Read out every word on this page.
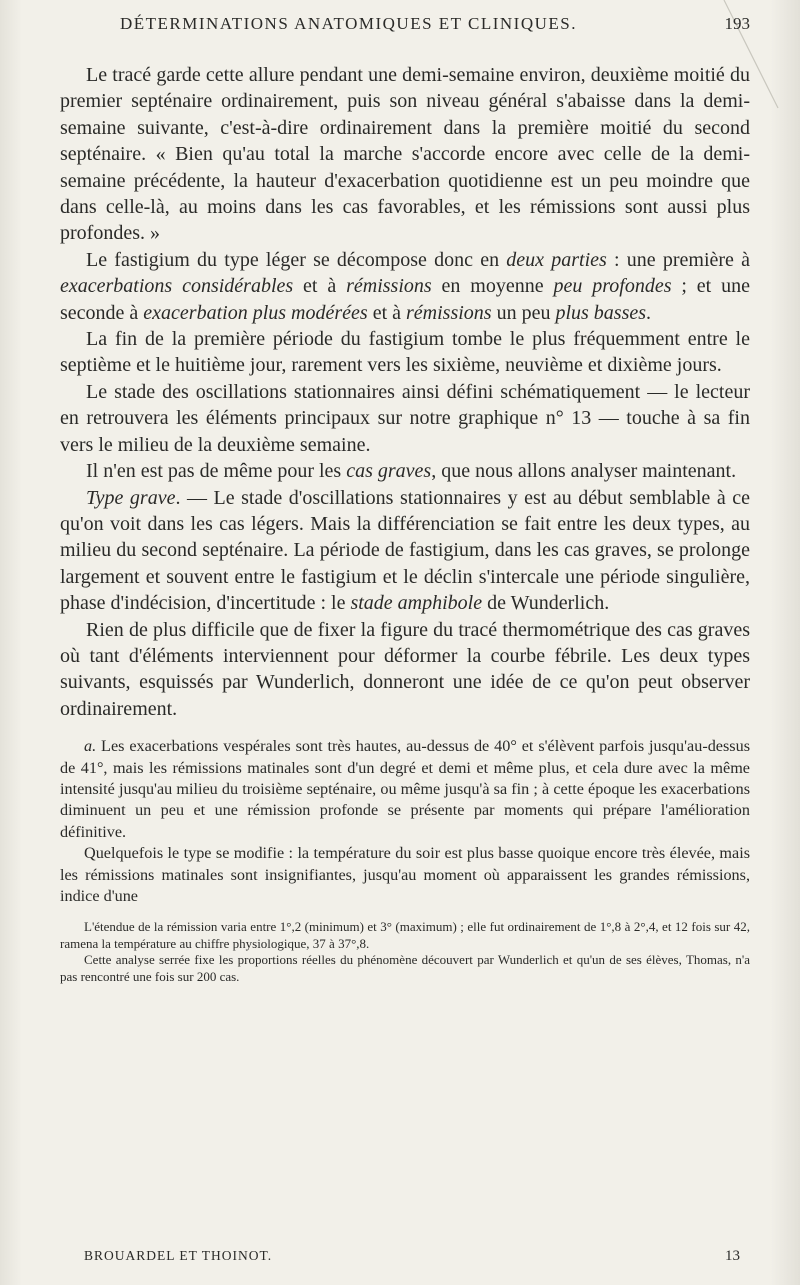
DÉTERMINATIONS ANATOMIQUES ET CLINIQUES.	193

Le tracé garde cette allure pendant une demi-semaine environ, deuxième moitié du premier septénaire ordinairement, puis son niveau général s'abaisse dans la demi-semaine suivante, c'est-à-dire ordinairement dans la première moitié du second septénaire. « Bien qu'au total la marche s'accorde encore avec celle de la demi-semaine précédente, la hauteur d'exacerbation quotidienne est un peu moindre que dans celle-là, au moins dans les cas favorables, et les rémissions sont aussi plus profondes. »

Le fastigium du type léger se décompose donc en deux parties : une première à exacerbations considérables et à rémissions en moyenne peu profondes ; et une seconde à exacerbation plus modérées et à rémissions un peu plus basses.

La fin de la première période du fastigium tombe le plus fréquemment entre le septième et le huitième jour, rarement vers les sixième, neuvième et dixième jours.

Le stade des oscillations stationnaires ainsi défini schématiquement — le lecteur en retrouvera les éléments principaux sur notre graphique n° 13 — touche à sa fin vers le milieu de la deuxième semaine.

Il n'en est pas de même pour les cas graves, que nous allons analyser maintenant.

Type grave. — Le stade d'oscillations stationnaires y est au début semblable à ce qu'on voit dans les cas légers. Mais la différenciation se fait entre les deux types, au milieu du second septénaire. La période de fastigium, dans les cas graves, se prolonge largement et souvent entre le fastigium et le déclin s'intercale une période singulière, phase d'indécision, d'incertitude : le stade amphibole de Wunderlich.

Rien de plus difficile que de fixer la figure du tracé thermométrique des cas graves où tant d'éléments interviennent pour déformer la courbe fébrile. Les deux types suivants, esquissés par Wunderlich, donneront une idée de ce qu'on peut observer ordinairement.

a. Les exacerbations vespérales sont très hautes, au-dessus de 40° et s'élèvent parfois jusqu'au-dessus de 41°, mais les rémissions matinales sont d'un degré et demi et même plus, et cela dure avec la même intensité jusqu'au milieu du troisième septénaire, ou même jusqu'à sa fin ; à cette époque les exacerbations diminuent un peu et une rémission profonde se présente par moments qui prépare l'amélioration définitive.

Quelquefois le type se modifie : la température du soir est plus basse quoique encore très élevée, mais les rémissions matinales sont insignifiantes, jusqu'au moment où apparaissent les grandes rémissions, indice d'une

L'étendue de la rémission varia entre 1°,2 (minimum) et 3° (maximum) ; elle fut ordinairement de 1°,8 à 2°,4, et 12 fois sur 42, ramena la température au chiffre physiologique, 37 à 37°,8.

Cette analyse serrée fixe les proportions réelles du phénomène découvert par Wunderlich et qu'un de ses élèves, Thomas, n'a pas rencontré une fois sur 200 cas.

BROUARDEL ET THOINOT.	13
